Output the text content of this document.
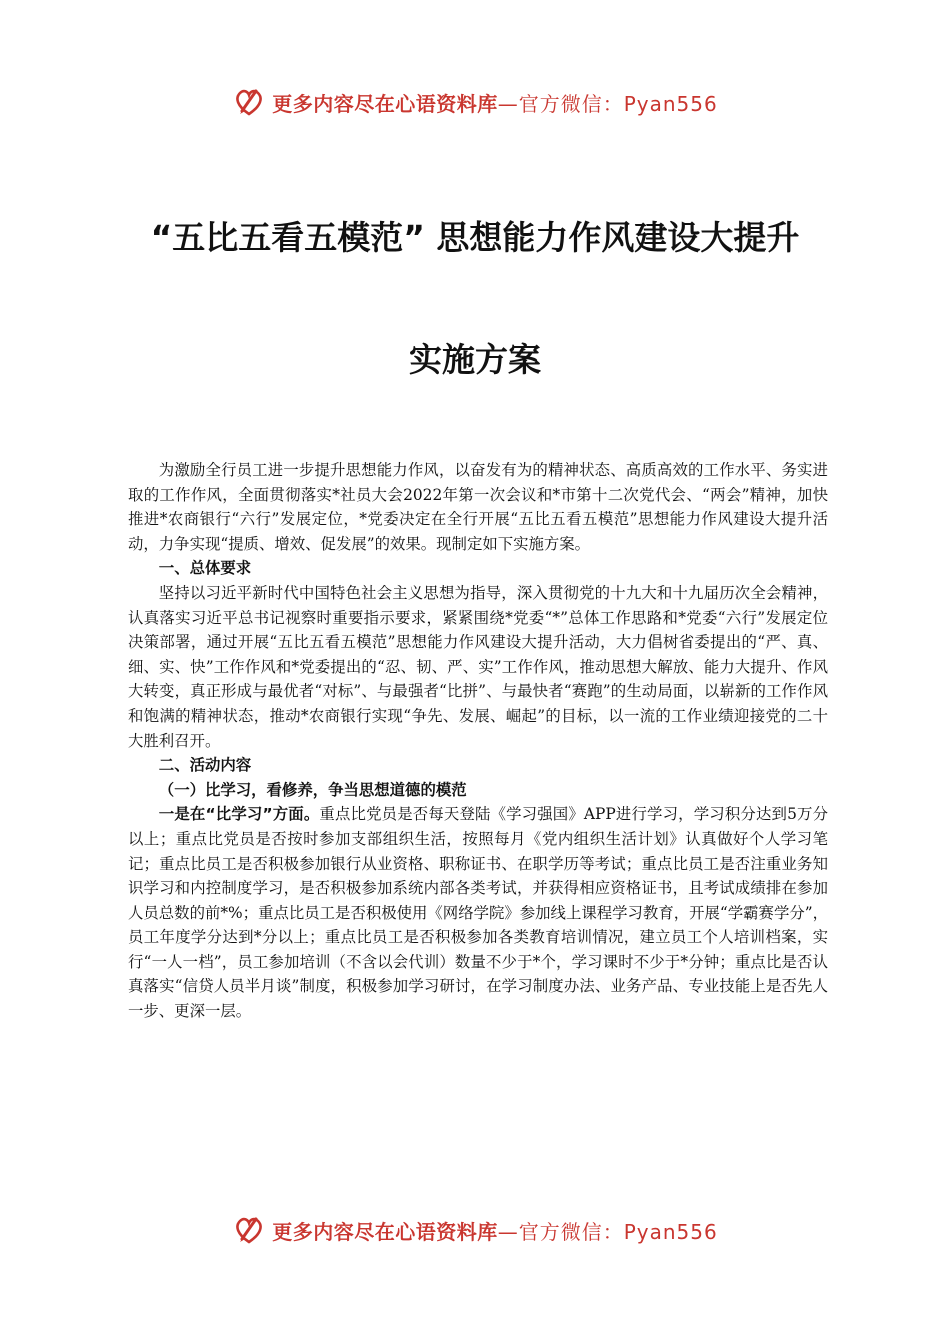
更多内容尽在心语资料库 —官方微信：Pyan556
“五比五看五模范” 思想能力作风建设大提升
实施方案

为激励全行员工进一步提升思想能力作风，以奋发有为的精神状态、高质高效的工作水平、务实进取的工作作风，全面贯彻落实*社员大会2022年第一次会议和*市第十二次党代会、“两会”精神，加快推进*农商银行“六行”发展定位，*党委决定在全行开展“五比五看五模范”思想能力作风建设大提升活动，力争实现“提质、增效、促发展”的效果。现制定如下实施方案。

一、总体要求

坚持以习近平新时代中国特色社会主义思想为指导，深入贯彻党的十九大和十九届历次全会精神，认真落实习近平总书记视察时重要指示要求，紧紧围绕*党委“*”总体工作思路和*党委“六行”发展定位决策部署，通过开展“五比五看五模范”思想能力作风建设大提升活动，大力倡树省委提出的“严、真、细、实、快”工作作风和*党委提出的“忍、韧、严、实”工作作风，推动思想大解放、能力大提升、作风大转变，真正形成与最优者“对标”、与最强者“比拼”、与最快者“赛跑”的生动局面，以崭新的工作作风和饱满的精神状态，推动*农商银行实现“争先、发展、崛起”的目标，以一流的工作业绩迎接党的二十大胜利召开。

二、活动内容

（一）比学习，看修养，争当思想道德的模范

一是在“比学习”方面。重点比党员是否每天登陆《学习强国》APP进行学习，学习积分达到5万分以上；重点比党员是否按时参加支部组织生活，按照每月《党内组织生活计划》认真做好个人学习笔记；重点比员工是否积极参加银行从业资格、职称证书、在职学历等考试；重点比员工是否注重业务知识学习和内控制度学习，是否积极参加系统内部各类考试，并获得相应资格证书，且考试成绩排在参加人员总数的前*%；重点比员工是否积极使用《网络学院》参加线上课程学习教育，开展“学霸赛学分”，员工年度学分达到*分以上；重点比员工是否积极参加各类教育培训情况，建立员工个人培训档案，实行“一人一档”，员工参加培训（不含以会代训）数量不少于*个，学习课时不少于*分钟；重点比是否认真落实“信贷人员半月谈”制度，积极参加学习研讨，在学习制度办法、业务产品、专业技能上是否先人一步、更深一层。

更多内容尽在心语资料库 —官方微信：Pyan556
